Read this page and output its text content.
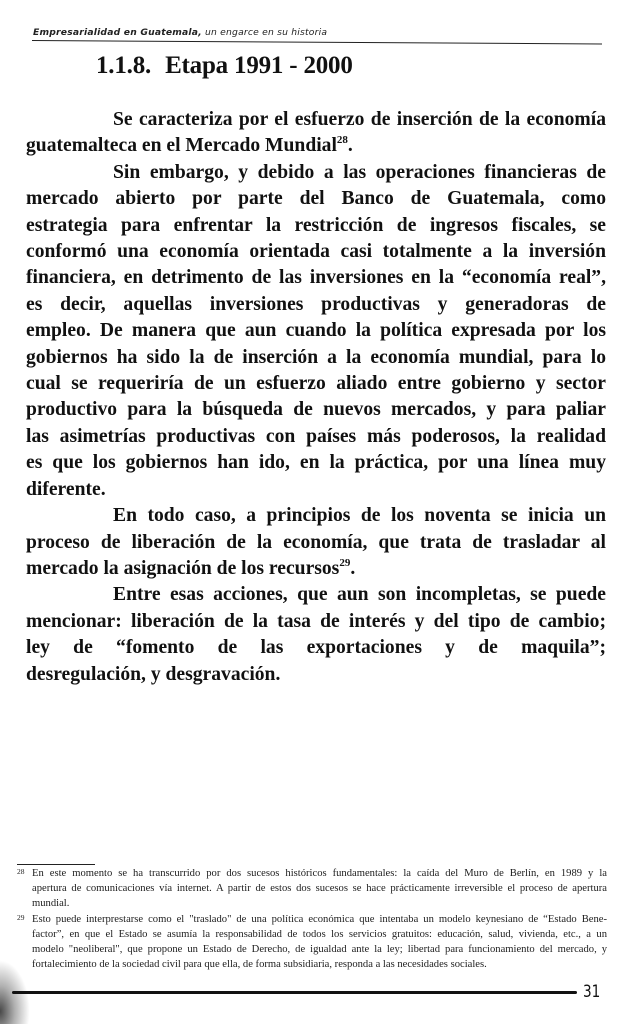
Empresarialidad en Guatemala, un engarce en su historia
1.1.8. Etapa 1991 - 2000
Se caracteriza por el esfuerzo de inserción de la economía
guatemalteca en el Mercado Mundial$^{28}$.
Sin embargo, y debido a las operaciones financieras de
mercado abierto por parte del Banco de Guatemala, como
estrategia para enfrentar la restricción de ingresos fiscales, se
conformó una economía orientada casi totalmente a la inversión
financiera, en detrimento de las inversiones en la “economía real”,
es decir, aquellas inversiones productivas y generadoras de
empleo. De manera que aun cuando la política expresada por los
gobiernos ha sido la de inserción a la economía mundial, para lo
cual se requeriría de un esfuerzo aliado entre gobierno y sector
productivo para la búsqueda de nuevos mercados, y para paliar
las asimetrías productivas con países más poderosos, la realidad
es que los gobiernos han ido, en la práctica, por una línea muy
diferente.
En todo caso, a principios de los noventa se inicia un
proceso de liberación de la economía, que trata de trasladar al
mercado la asignación de los recursos$^{29}$.
Entre esas acciones, que aun son incompletas, se puede
mencionar: liberación de la tasa de interés y del tipo de cambio;
ley de “fomento de las exportaciones y de maquila”;
desregulación, y desgravación.
28 En este momento se ha transcurrido por dos sucesos históricos fundamentales: la caída del Muro de Berlín, en 1989 y la
apertura de comunicaciones vía internet. A partir de estos dos sucesos se hace prácticamente irreversible el proceso de apertura
mundial.
29 Esto puede interprestarse como el "traslado" de una política económica que intentaba un modelo keynesiano de “Estado Bene-
factor”, en que el Estado se asumía la responsabilidad de todos los servicios gratuitos: educación, salud, vivienda, etc., a un
modelo "neoliberal", que propone un Estado de Derecho, de igualdad ante la ley; libertad para funcionamiento del mercado, y
fortalecimiento de la sociedad civil para que ella, de forma subsidiaria, responda a las necesidades sociales.
31
